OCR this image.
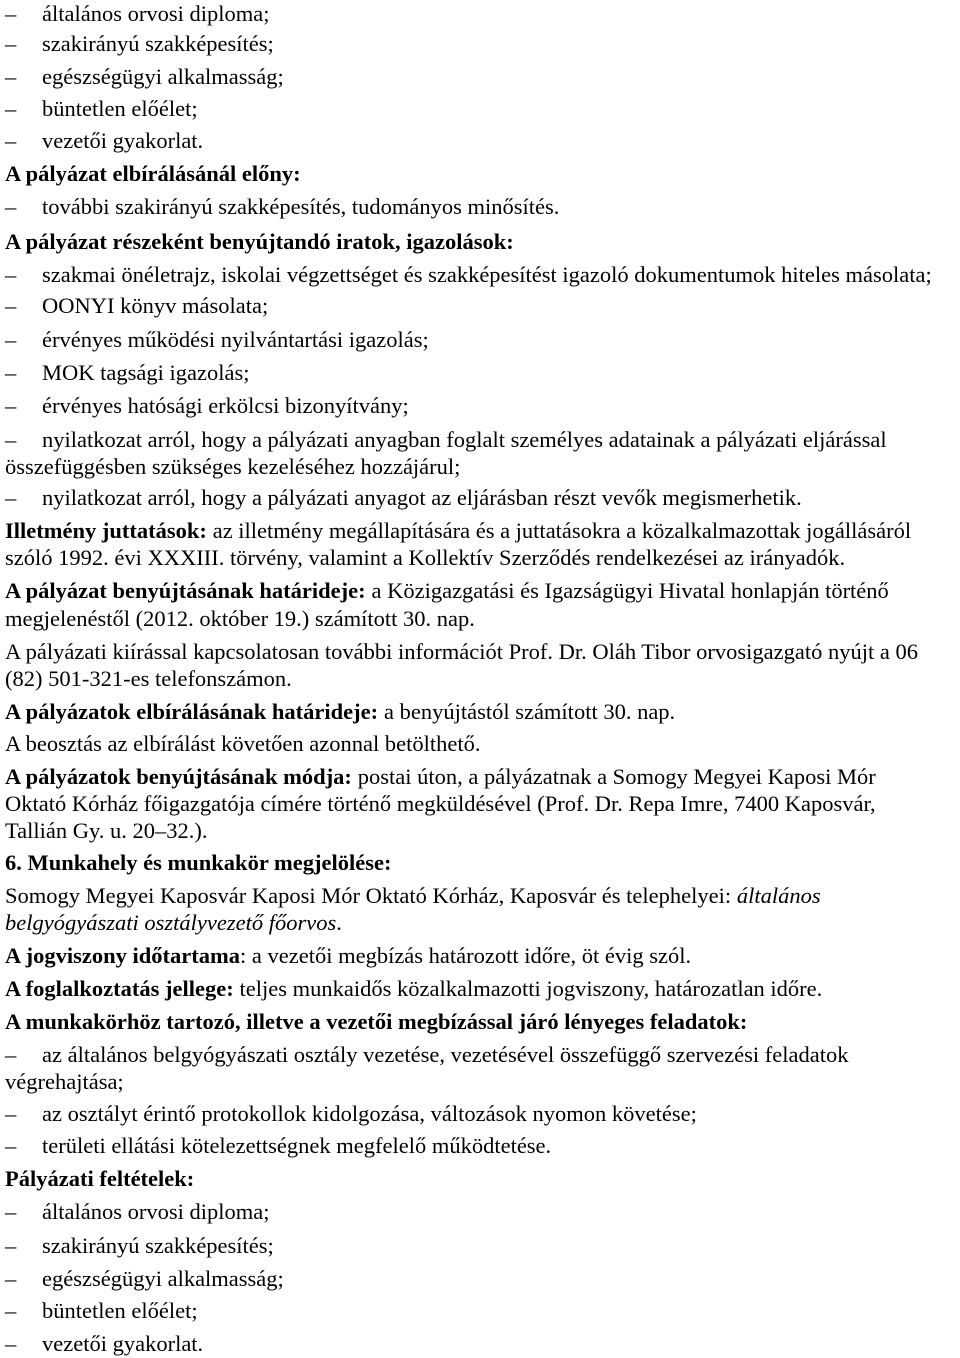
– általános orvosi diploma;
– szakirányú szakképesítés;
– egészségügyi alkalmasság;
– büntetlen előélet;
– vezetői gyakorlat.
A pályázat elbírálásánál előny:
– további szakirányú szakképesítés, tudományos minősítés.
A pályázat részeként benyújtandó iratok, igazolások:
– szakmai önéletrajz, iskolai végzettséget és szakképesítést igazoló dokumentumok hiteles másolata;
– OONYI könyv másolata;
– érvényes működési nyilvántartási igazolás;
– MOK tagsági igazolás;
– érvényes hatósági erkölcsi bizonyítvány;
– nyilatkozat arról, hogy a pályázati anyagban foglalt személyes adatainak a pályázati eljárással
összefüggésben szükséges kezeléséhez hozzájárul;
– nyilatkozat arról, hogy a pályázati anyagot az eljárásban részt vevők megismerhetik.
Illetmény juttatások: az illetmény megállapítására és a juttatásokra a közalkalmazottak jogállásáról
szóló 1992. évi XXXIII. törvény, valamint a Kollektív Szerződés rendelkezései az irányadók.
A pályázat benyújtásának határideje: a Közigazgatási és Igazságügyi Hivatal honlapján történő
megjelenéstől (2012. október 19.) számított 30. nap.
A pályázati kiírással kapcsolatosan további információt Prof. Dr. Oláh Tibor orvosigazgató nyújt a 06
(82) 501-321-es telefonszámon.
A pályázatok elbírálásának határideje: a benyújtástól számított 30. nap.
A beosztás az elbírálást követően azonnal betölthető.
A pályázatok benyújtásának módja: postai úton, a pályázatnak a Somogy Megyei Kaposi Mór
Oktató Kórház főigazgatója címére történő megküldésével (Prof. Dr. Repa Imre, 7400 Kaposvár,
Tallián Gy. u. 20–32.).
6. Munkahely és munkakör megjelölése:
Somogy Megyei Kaposvár Kaposi Mór Oktató Kórház, Kaposvár és telephelyei: általános
belgyógyászati osztályvezető főorvos.
A jogviszony időtartama: a vezetői megbízás határozott időre, öt évig szól.
A foglalkoztatás jellege: teljes munkaidős közalkalmazotti jogviszony, határozatlan időre.
A munkakörhöz tartozó, illetve a vezetői megbízással járó lényeges feladatok:
– az általános belgyógyászati osztály vezetése, vezetésével összefüggő szervezési feladatok
végrehajtása;
– az osztályt érintő protokollok kidolgozása, változások nyomon követése;
– területi ellátási kötelezettségnek megfelelő működtetése.
Pályázati feltételek:
– általános orvosi diploma;
– szakirányú szakképesítés;
– egészségügyi alkalmasság;
– büntetlen előélet;
– vezetői gyakorlat.
